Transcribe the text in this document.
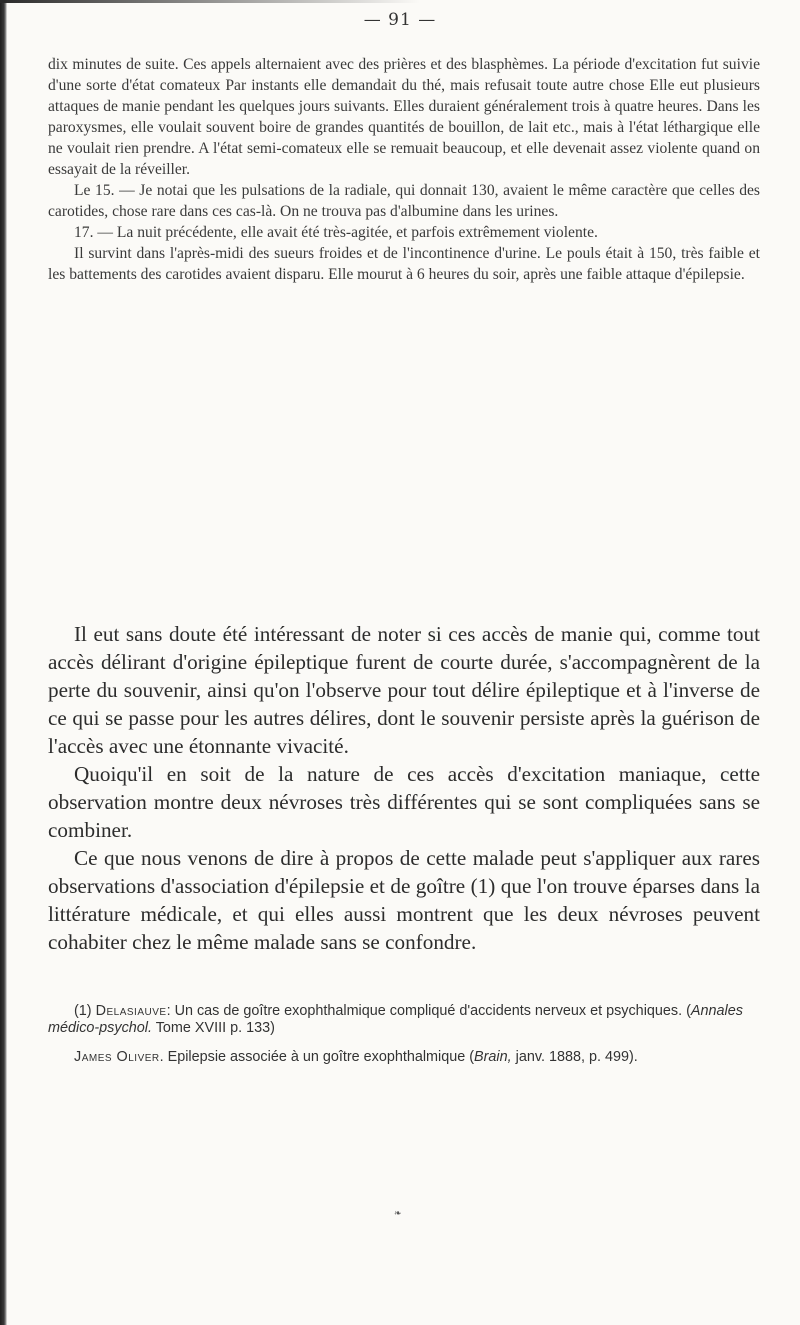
— 91 —

dix minutes de suite. Ces appels alternaient avec des prières et des blasphèmes. La période d'excitation fut suivie d'une sorte d'état comateux Par instants elle demandait du thé, mais refusait toute autre chose Elle eut plusieurs attaques de manie pendant les quelques jours suivants. Elles duraient généralement trois à quatre heures. Dans les paroxysmes, elle voulait souvent boire de grandes quantités de bouillon, de lait etc., mais à l'état léthargique elle ne voulait rien prendre. A l'état semi-comateux elle se remuait beaucoup, et elle devenait assez violente quand on essayait de la réveiller.

Le 15. — Je notai que les pulsations de la radiale, qui donnait 130, avaient le même caractère que celles des carotides, chose rare dans ces cas-là. On ne trouva pas d'albumine dans les urines.

17. — La nuit précédente, elle avait été très-agitée, et parfois extrêmement violente.

Il survint dans l'après-midi des sueurs froides et de l'incontinence d'urine. Le pouls était à 150, très faible et les battements des carotides avaient disparu. Elle mourut à 6 heures du soir, après une faible attaque d'épilepsie.

Il eut sans doute été intéressant de noter si ces accès de manie qui, comme tout accès délirant d'origine épileptique furent de courte durée, s'accompagnèrent de la perte du souvenir, ainsi qu'on l'observe pour tout délire épileptique et à l'inverse de ce qui se passe pour les autres délires, dont le souvenir persiste après la guérison de l'accès avec une étonnante vivacité.

Quoiqu'il en soit de la nature de ces accès d'excitation maniaque, cette observation montre deux névroses très différentes qui se sont compliquées sans se combiner.

Ce que nous venons de dire à propos de cette malade peut s'appliquer aux rares observations d'association d'épilepsie et de goître (1) que l'on trouve éparses dans la littérature médicale, et qui elles aussi montrent que les deux névroses peuvent cohabiter chez le même malade sans se confondre.

(1) Delasiauve: Un cas de goître exophthalmique compliqué d'accidents nerveux et psychiques. (Annales médico-psychol. Tome XVIII p. 133)

James Oliver. Epilepsie associée à un goître exophthalmique (Brain, janv. 1888, p. 499).

❧
